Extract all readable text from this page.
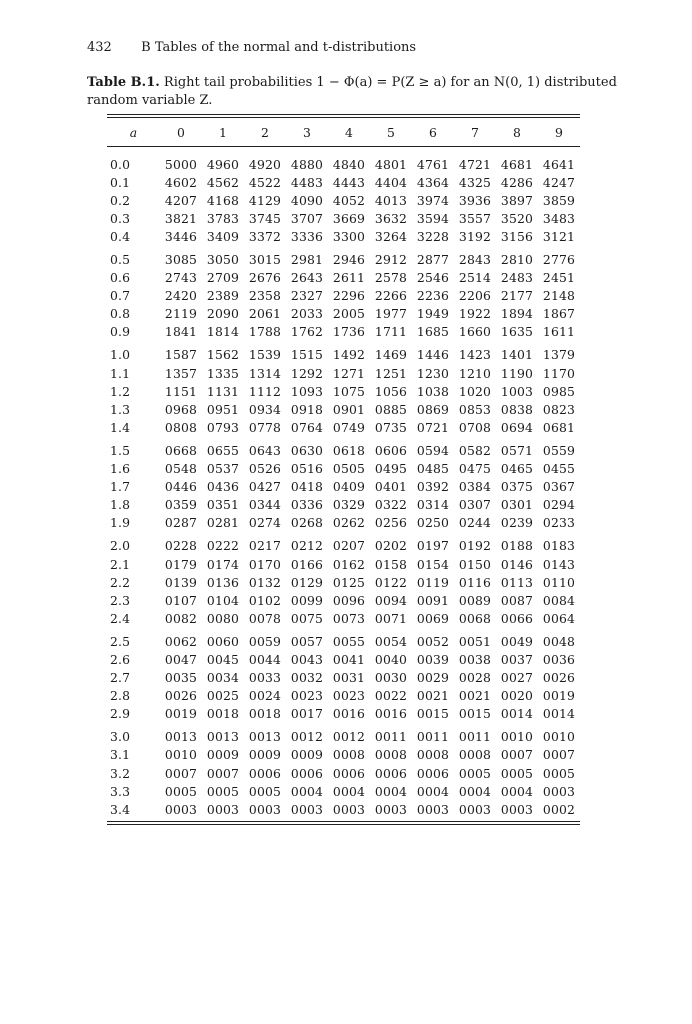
432 B Tables of the normal and t-distributions
Table B.1. Right tail probabilities 1 − Φ(a) = P(Z ≥ a) for an N(0, 1) distributed random variable Z.
a	0	1	2	3	4	5	6	7	8	9

0.0	5000	4960	4920	4880	4840	4801	4761	4721	4681	4641
0.1	4602	4562	4522	4483	4443	4404	4364	4325	4286	4247
0.2	4207	4168	4129	4090	4052	4013	3974	3936	3897	3859
0.3	3821	3783	3745	3707	3669	3632	3594	3557	3520	3483
0.4	3446	3409	3372	3336	3300	3264	3228	3192	3156	3121

0.5	3085	3050	3015	2981	2946	2912	2877	2843	2810	2776
0.6	2743	2709	2676	2643	2611	2578	2546	2514	2483	2451
0.7	2420	2389	2358	2327	2296	2266	2236	2206	2177	2148
0.8	2119	2090	2061	2033	2005	1977	1949	1922	1894	1867
0.9	1841	1814	1788	1762	1736	1711	1685	1660	1635	1611

1.0	1587	1562	1539	1515	1492	1469	1446	1423	1401	1379
1.1	1357	1335	1314	1292	1271	1251	1230	1210	1190	1170
1.2	1151	1131	1112	1093	1075	1056	1038	1020	1003	0985
1.3	0968	0951	0934	0918	0901	0885	0869	0853	0838	0823
1.4	0808	0793	0778	0764	0749	0735	0721	0708	0694	0681

1.5	0668	0655	0643	0630	0618	0606	0594	0582	0571	0559
1.6	0548	0537	0526	0516	0505	0495	0485	0475	0465	0455
1.7	0446	0436	0427	0418	0409	0401	0392	0384	0375	0367
1.8	0359	0351	0344	0336	0329	0322	0314	0307	0301	0294
1.9	0287	0281	0274	0268	0262	0256	0250	0244	0239	0233

2.0	0228	0222	0217	0212	0207	0202	0197	0192	0188	0183
2.1	0179	0174	0170	0166	0162	0158	0154	0150	0146	0143
2.2	0139	0136	0132	0129	0125	0122	0119	0116	0113	0110
2.3	0107	0104	0102	0099	0096	0094	0091	0089	0087	0084
2.4	0082	0080	0078	0075	0073	0071	0069	0068	0066	0064

2.5	0062	0060	0059	0057	0055	0054	0052	0051	0049	0048
2.6	0047	0045	0044	0043	0041	0040	0039	0038	0037	0036
2.7	0035	0034	0033	0032	0031	0030	0029	0028	0027	0026
2.8	0026	0025	0024	0023	0023	0022	0021	0021	0020	0019
2.9	0019	0018	0018	0017	0016	0016	0015	0015	0014	0014

3.0	0013	0013	0013	0012	0012	0011	0011	0011	0010	0010
3.1	0010	0009	0009	0009	0008	0008	0008	0008	0007	0007
3.2	0007	0007	0006	0006	0006	0006	0006	0005	0005	0005
3.3	0005	0005	0005	0004	0004	0004	0004	0004	0004	0003
3.4	0003	0003	0003	0003	0003	0003	0003	0003	0003	0002
